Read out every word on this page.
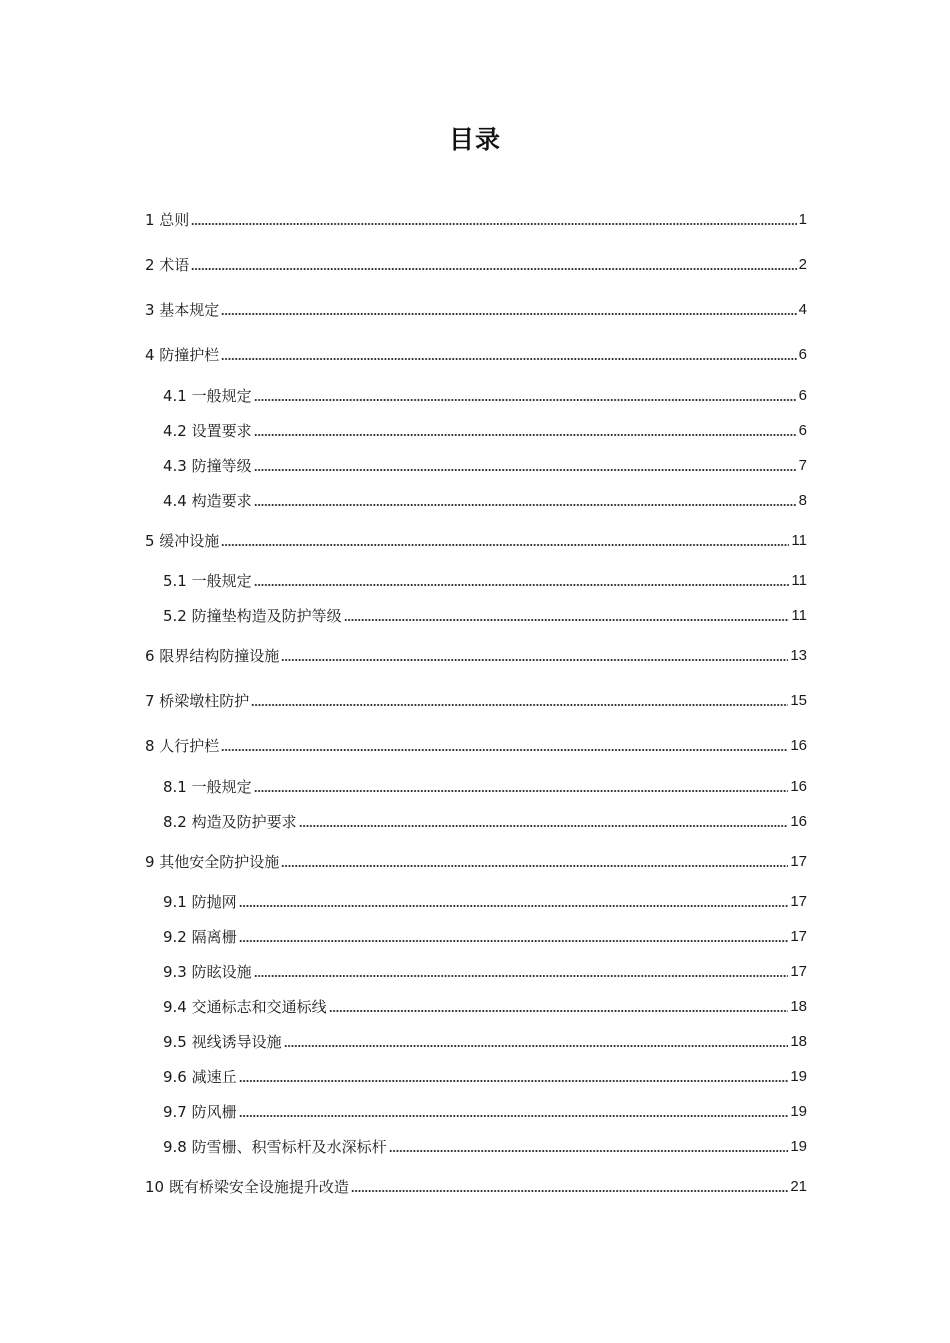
目录
1 总则	1
2 术语	2
3 基本规定	4
4 防撞护栏	6
4.1 一般规定	6
4.2 设置要求	6
4.3 防撞等级	7
4.4 构造要求	8
5 缓冲设施	11
5.1 一般规定	11
5.2 防撞垫构造及防护等级	11
6 限界结构防撞设施	13
7 桥梁墩柱防护	15
8 人行护栏	16
8.1 一般规定	16
8.2 构造及防护要求	16
9 其他安全防护设施	17
9.1 防抛网	17
9.2 隔离栅	17
9.3 防眩设施	17
9.4 交通标志和交通标线	18
9.5 视线诱导设施	18
9.6 减速丘	19
9.7 防风栅	19
9.8 防雪栅、积雪标杆及水深标杆	19
10 既有桥梁安全设施提升改造	21
